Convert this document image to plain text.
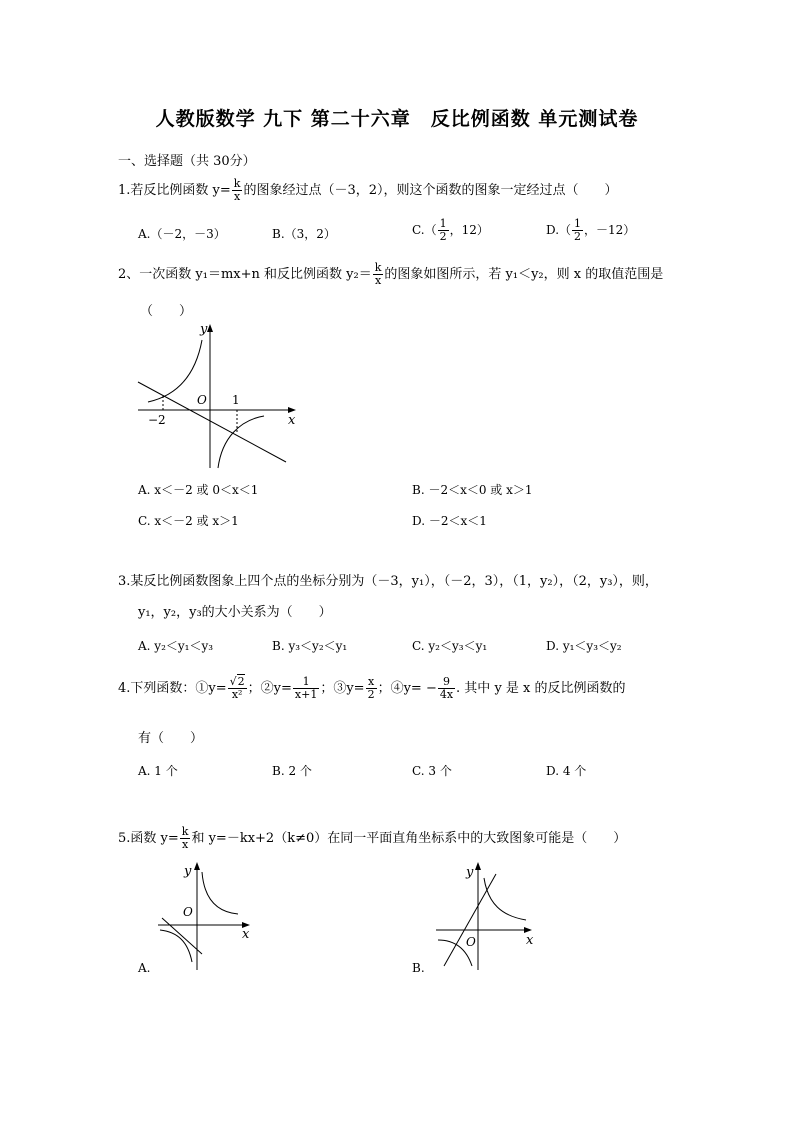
人教版数学 九下 第二十六章　反比例函数 单元测试卷
一、选择题（共 30分）
1.若反比例函数 $y= \frac{k}{x}$ 的图象经过点（－3，2），则这个函数的图象一定经过点（　　）
A.（－2，－3）	B.（3，2）	$C.( \frac{1}{2}$ ，12）	$D.( \frac{1}{2}$ ，－12）
2、一次函数 y₁＝mx+n 和反比例函数 $y_2= \frac{k}{x}$ 的图象如图所示，若 y₁＜y₂，则 x 的取值范围是
（　　）
y
O
x
1
−2
A. x＜－2 或 0＜x＜1	B. －2＜x＜0 或 x＞1
C. x＜－2 或 x＞1	D. －2＜x＜1
3.某反比例函数图象上四个点的坐标分别为（－3，y₁），（－2，3），（1，y₂），（2，y₃），则，
y₁，y₂，y₃的大小关系为（　　）
A. y₂＜y₁＜y₃	B. y₃＜y₂＜y₁	C. y₂＜y₃＜y₁	D. y₁＜y₃＜y₂
4.下列函数：①y= $\frac{√2}{\text{x²}}$ ；②y= $\frac{1}{x+1}$ ；③y= $\frac{x}{2}$ ；④y= − $\frac{9}{4x}$ . 其中 y 是 x 的反比例函数的
有（　　）
A. 1 个	B. 2 个	C. 3 个	D. 4 个
5.函数 $y= \frac{k}{x}$ 和 y=－kx+2（k≠0）在同一平面直角坐标系中的大致图象可能是（　　）
y
O
x
A.
y
O	x
B.
